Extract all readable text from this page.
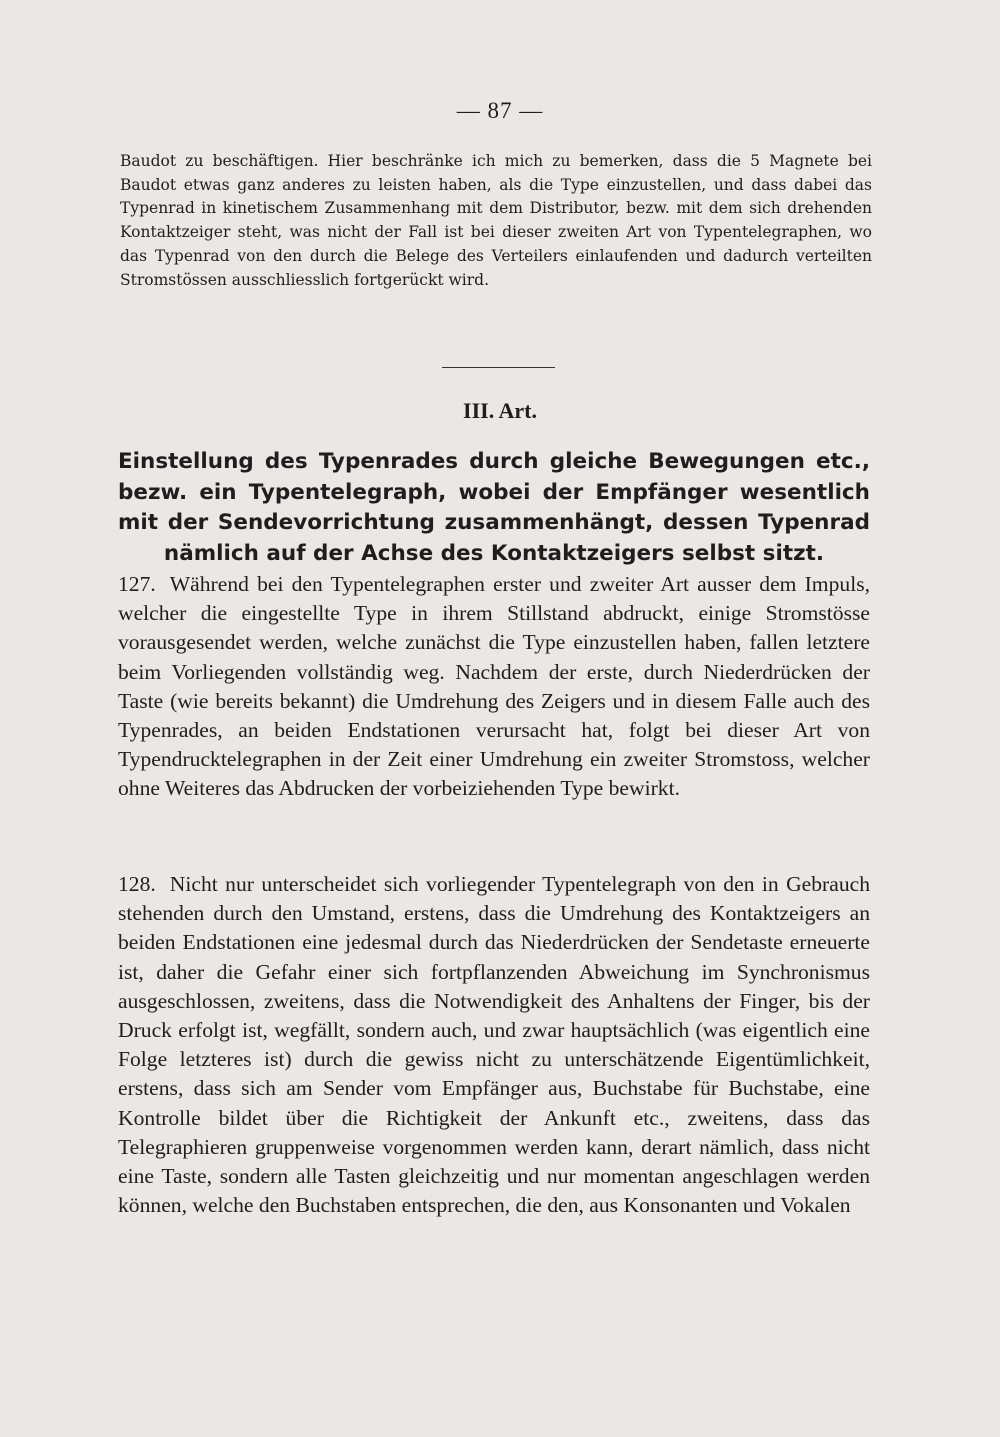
— 87 —

Baudot zu beschäftigen. Hier beschränke ich mich zu bemerken, dass die 5 Magnete bei Baudot etwas ganz anderes zu leisten haben, als die Type einzustellen, und dass dabei das Typenrad in kinetischem Zusammenhang mit dem Distributor, bezw. mit dem sich drehenden Kontaktzeiger steht, was nicht der Fall ist bei dieser zweiten Art von Typentelegraphen, wo das Typenrad von den durch die Belege des Verteilers einlaufenden und dadurch verteilten Stromstössen ausschliesslich fortgerückt wird.

III. Art.
Einstellung des Typenrades durch gleiche Bewegungen etc., bezw. ein Typentelegraph, wobei der Empfänger wesentlich mit der Sendevorrichtung zusammenhängt, dessen Typenrad nämlich auf der Achse des Kontaktzeigers selbst sitzt.

127. Während bei den Typentelegraphen erster und zweiter Art ausser dem Impuls, welcher die eingestellte Type in ihrem Stillstand abdruckt, einige Stromstösse vorausgesendet werden, welche zunächst die Type einzustellen haben, fallen letztere beim Vorliegenden vollständig weg. Nachdem der erste, durch Niederdrücken der Taste (wie bereits bekannt) die Umdrehung des Zeigers und in diesem Falle auch des Typenrades, an beiden Endstationen verursacht hat, folgt bei dieser Art von Typendrucktelegraphen in der Zeit einer Umdrehung ein zweiter Stromstoss, welcher ohne Weiteres das Abdrucken der vorbeiziehenden Type bewirkt.

128. Nicht nur unterscheidet sich vorliegender Typentelegraph von den in Gebrauch stehenden durch den Umstand, erstens, dass die Umdrehung des Kontaktzeigers an beiden Endstationen eine jedesmal durch das Niederdrücken der Sendetaste erneuerte ist, daher die Gefahr einer sich fortpflanzenden Abweichung im Synchronismus ausgeschlossen, zweitens, dass die Notwendigkeit des Anhaltens der Finger, bis der Druck erfolgt ist, wegfällt, sondern auch, und zwar hauptsächlich (was eigentlich eine Folge letzteres ist) durch die gewiss nicht zu unterschätzende Eigentümlichkeit, erstens, dass sich am Sender vom Empfänger aus, Buchstabe für Buchstabe, eine Kontrolle bildet über die Richtigkeit der Ankunft etc., zweitens, dass das Telegraphieren gruppenweise vorgenommen werden kann, derart nämlich, dass nicht eine Taste, sondern alle Tasten gleichzeitig und nur momentan angeschlagen werden können, welche den Buchstaben entsprechen, die den, aus Konsonanten und Vokalen
